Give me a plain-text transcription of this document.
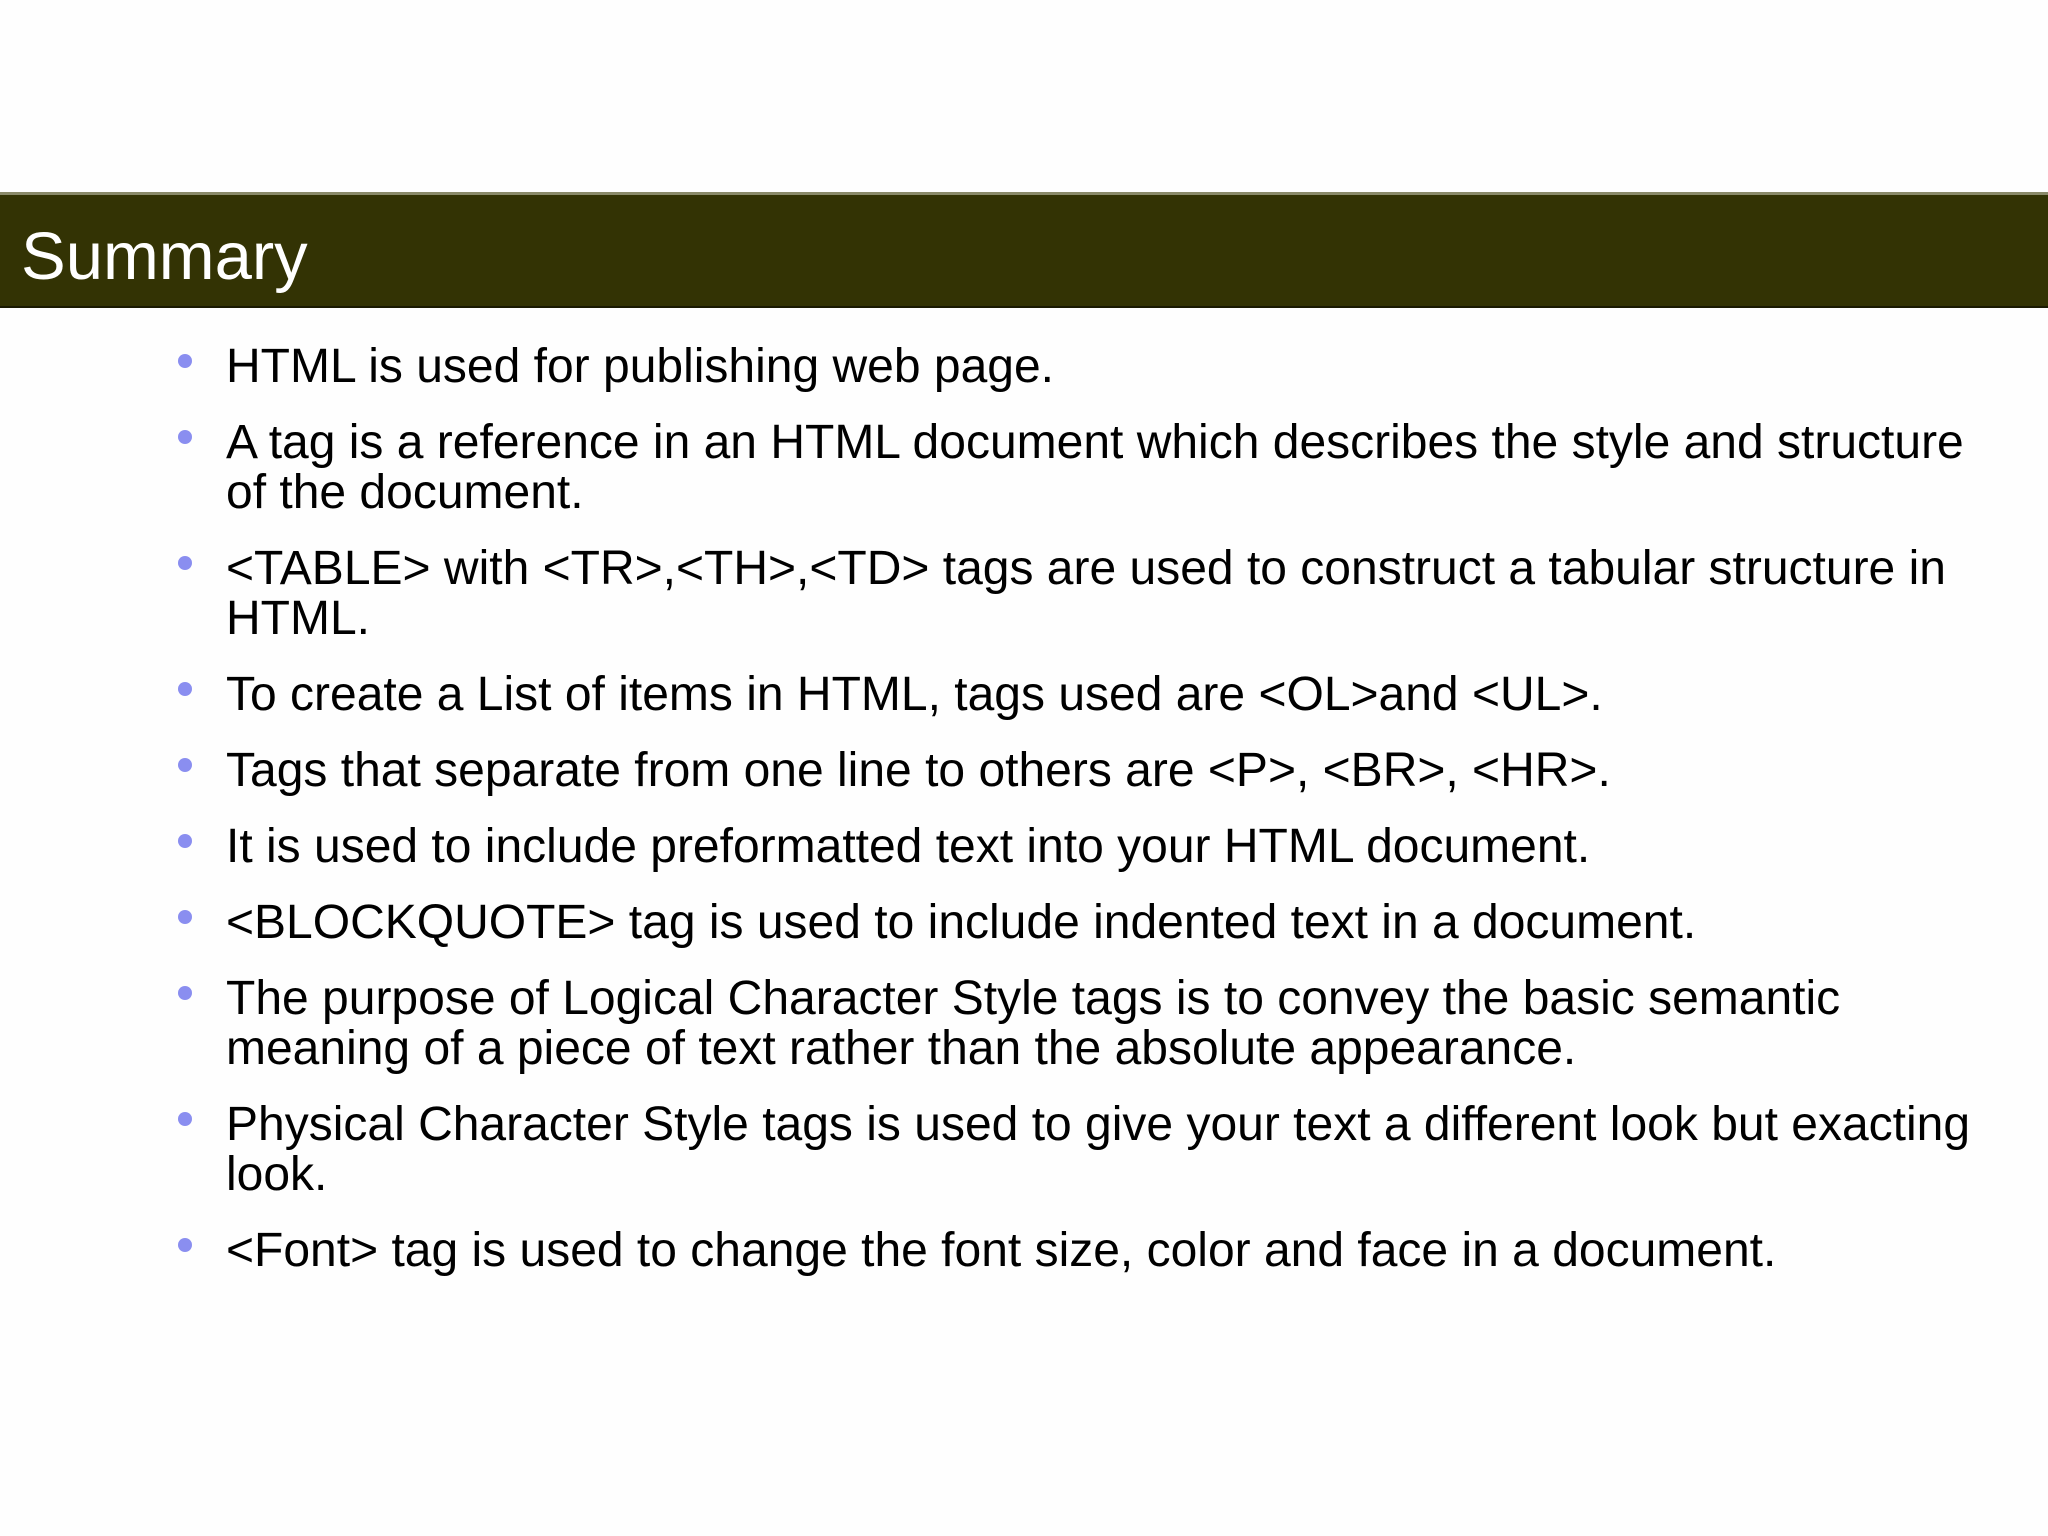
Summary
HTML is used for publishing web page.
A tag is a reference in an HTML document which describes the style and structure of the document.
<TABLE> with <TR>,<TH>,<TD> tags are used to construct a tabular structure in HTML.
To create a List of items in HTML, tags used are <OL>and <UL>.
Tags that separate from one line to others are <P>, <BR>, <HR>.
It is used to include preformatted text into your HTML document.
<BLOCKQUOTE> tag is used to include indented text in a document.
The purpose of Logical Character Style tags is to convey the basic semantic meaning of a piece of text rather than the absolute appearance.
Physical Character Style tags is used to give your text a different look but exacting look.
<Font> tag is used to change the font size, color and face in a document.
